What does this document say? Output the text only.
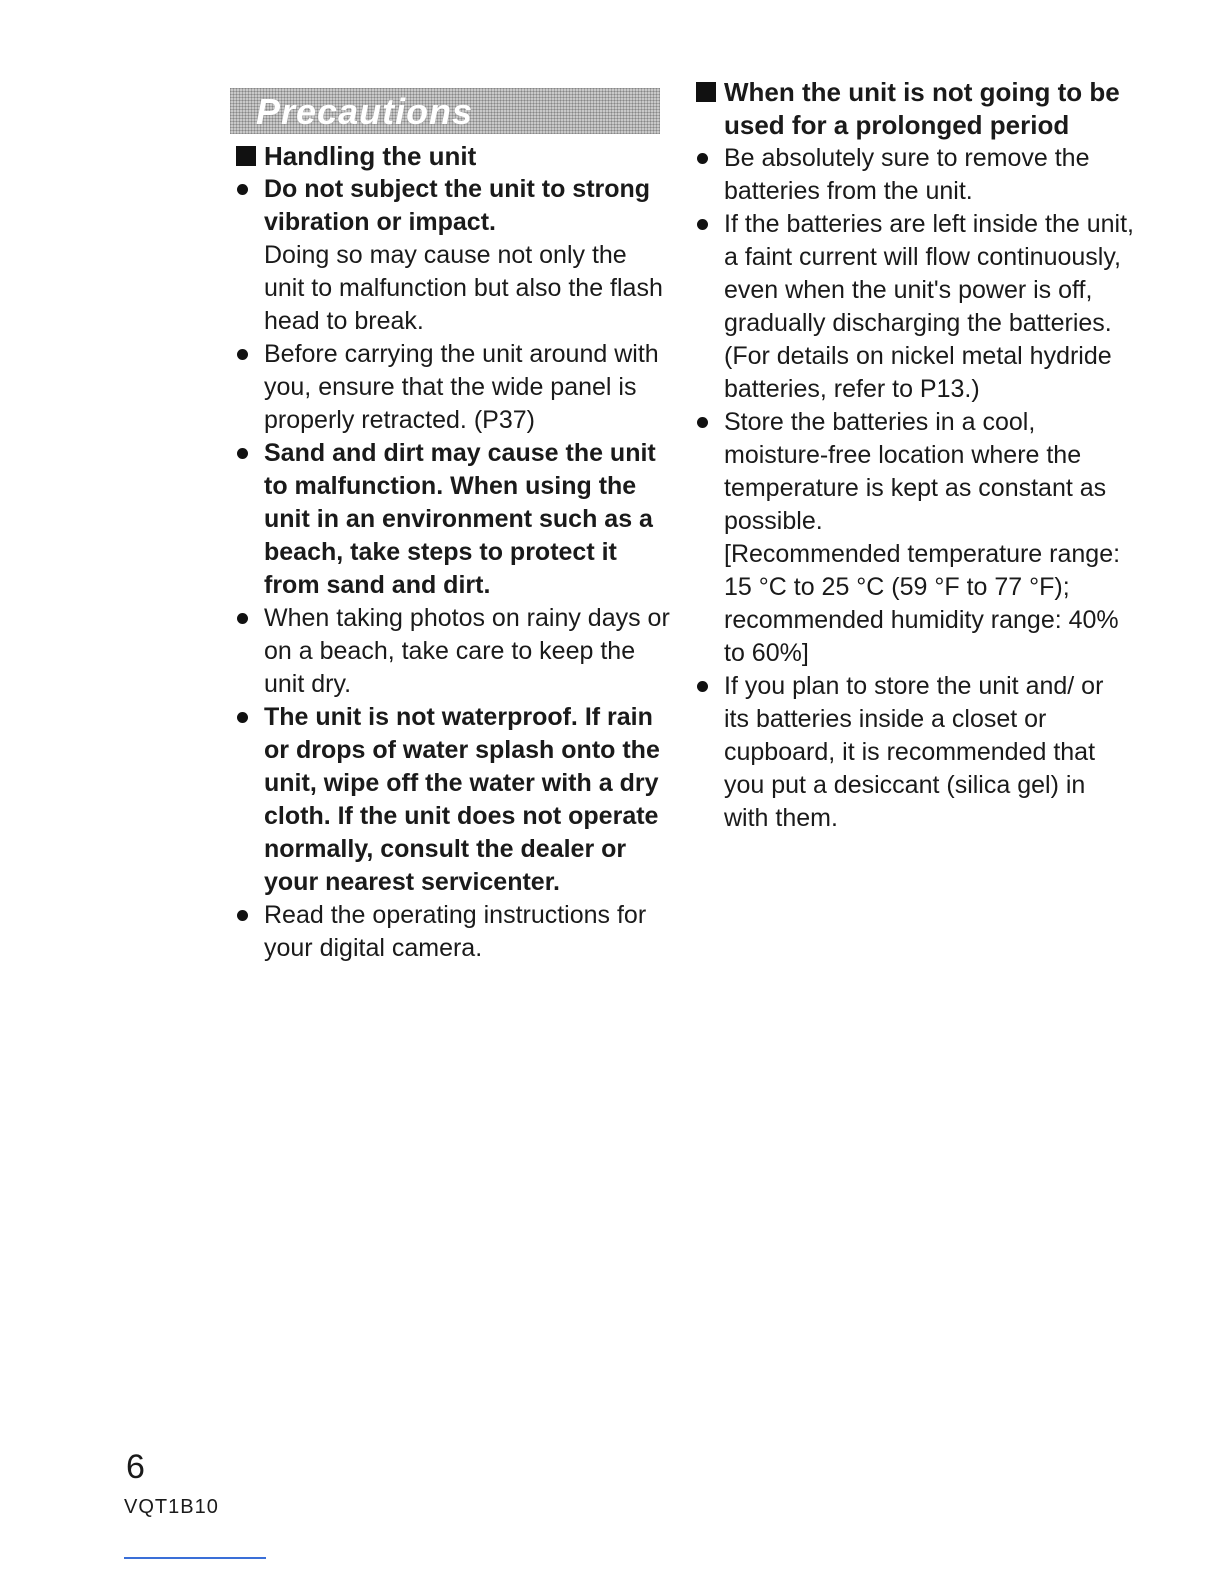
Precautions
Handling the unit
Do not subject the unit to strong vibration or impact.
Doing so may cause not only the unit to malfunction but also the flash head to break.
Before carrying the unit around with you, ensure that the wide panel is properly retracted. (P37)
Sand and dirt may cause the unit to malfunction. When using the unit in an environment such as a beach, take steps to protect it from sand and dirt.
When taking photos on rainy days or on a beach, take care to keep the unit dry.
The unit is not waterproof. If rain or drops of water splash onto the unit, wipe off the water with a dry cloth. If the unit does not operate normally, consult the dealer or your nearest servicenter.
Read the operating instructions for your digital camera.
When the unit is not going to be used for a prolonged period
Be absolutely sure to remove the batteries from the unit.
If the batteries are left inside the unit, a faint current will flow continuously, even when the unit's power is off, gradually discharging the batteries. (For details on nickel metal hydride batteries, refer to P13.)
Store the batteries in a cool, moisture-free location where the temperature is kept as constant as possible.
[Recommended temperature range: 15 °C to 25 °C (59 °F to 77 °F); recommended humidity range: 40% to 60%]
If you plan to store the unit and/ or its batteries inside a closet or cupboard, it is recommended that you put a desiccant (silica gel) in with them.
6
VQT1B10
